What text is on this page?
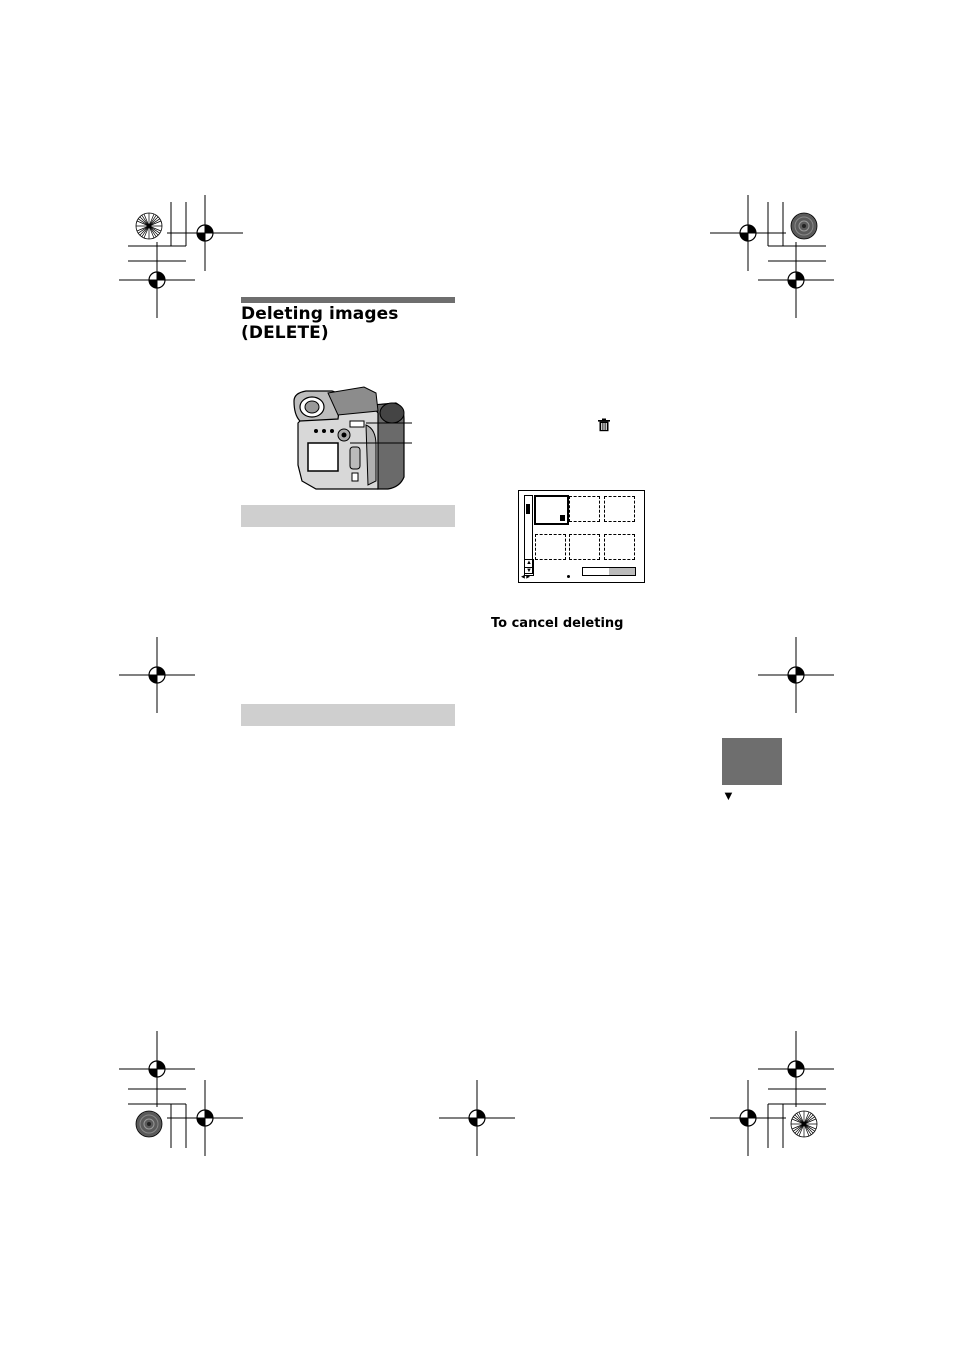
Deleting images
(DELETE)
▲
▼
◀ ▶
To cancel deleting
▼
